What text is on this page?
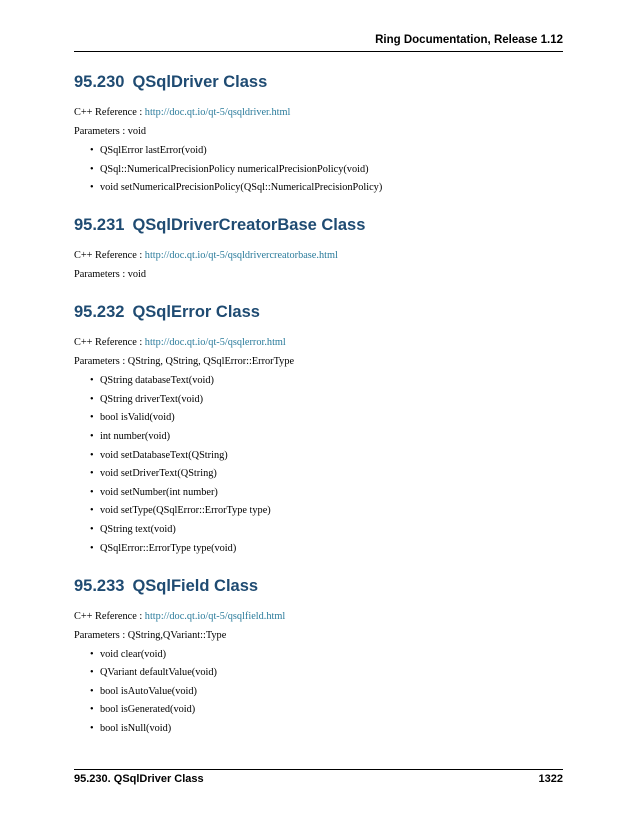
Ring Documentation, Release 1.12
95.230 QSqlDriver Class
C++ Reference : http://doc.qt.io/qt-5/qsqldriver.html
Parameters : void
• QSqlError lastError(void)
• QSql::NumericalPrecisionPolicy numericalPrecisionPolicy(void)
• void setNumericalPrecisionPolicy(QSql::NumericalPrecisionPolicy)
95.231 QSqlDriverCreatorBase Class
C++ Reference : http://doc.qt.io/qt-5/qsqldrivercreatorbase.html
Parameters : void
95.232 QSqlError Class
C++ Reference : http://doc.qt.io/qt-5/qsqlerror.html
Parameters : QString, QString, QSqlError::ErrorType
• QString databaseText(void)
• QString driverText(void)
• bool isValid(void)
• int number(void)
• void setDatabaseText(QString)
• void setDriverText(QString)
• void setNumber(int number)
• void setType(QSqlError::ErrorType type)
• QString text(void)
• QSqlError::ErrorType type(void)
95.233 QSqlField Class
C++ Reference : http://doc.qt.io/qt-5/qsqlfield.html
Parameters : QString,QVariant::Type
• void clear(void)
• QVariant defaultValue(void)
• bool isAutoValue(void)
• bool isGenerated(void)
• bool isNull(void)
95.230. QSqlDriver Class	1322
